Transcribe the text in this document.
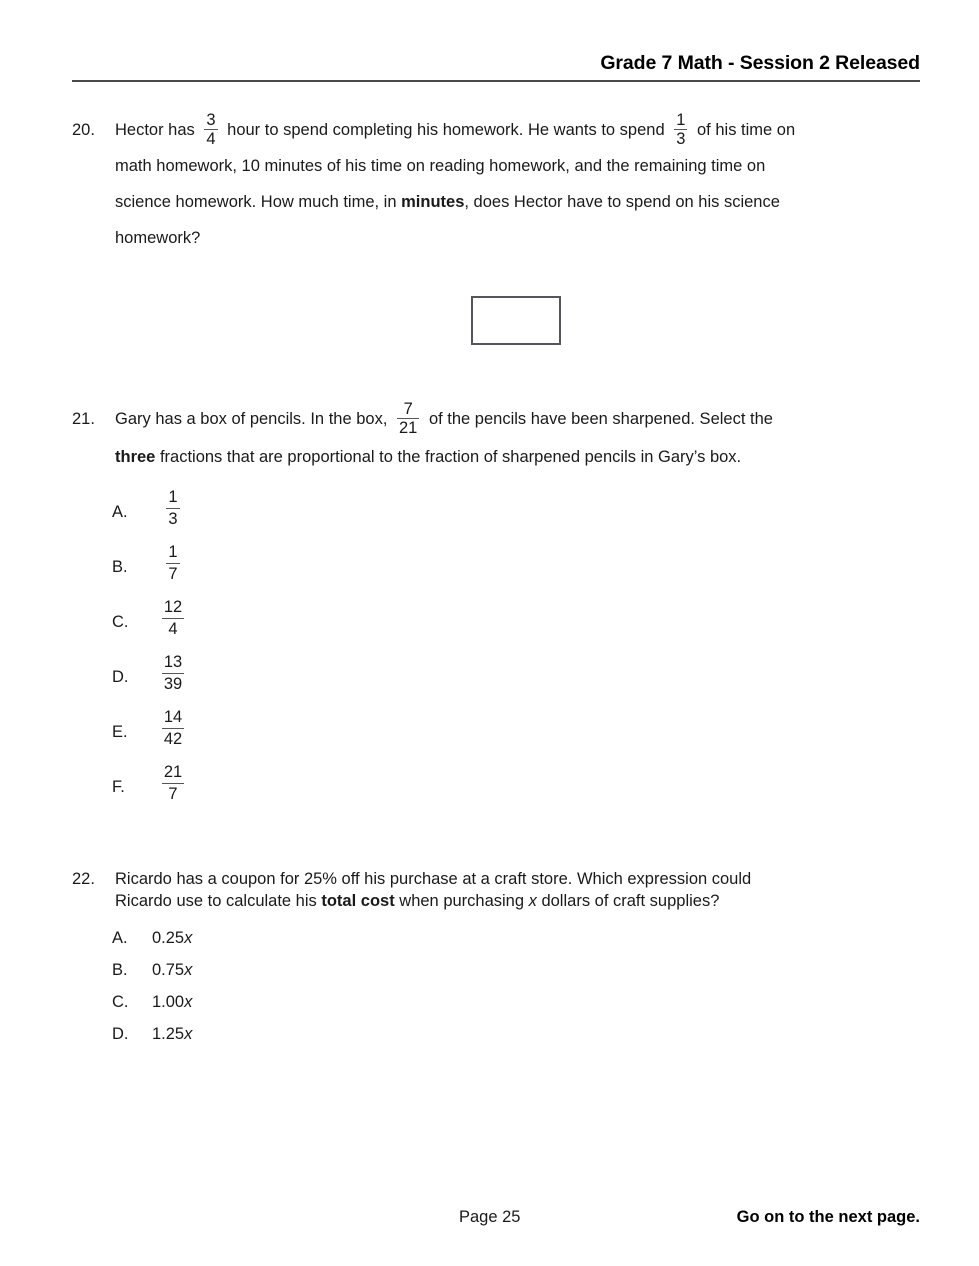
Grade 7 Math - Session 2 Released
20.	Hector has $\frac{3}{4}$ hour to spend completing his homework. He wants to spend $\frac{1}{3}$ of his time on
math homework, 10 minutes of his time on reading homework, and the remaining time on
science homework. How much time, in minutes, does Hector have to spend on his science
homework?
21.	Gary has a box of pencils. In the box, $\frac{7}{21}$ of the pencils have been sharpened. Select the
three fractions that are proportional to the fraction of sharpened pencils in Gary’s box.
A. $\frac{1}{3}$
B. $\frac{1}{7}$
C. $\frac{12}{4}$
D. $\frac{13}{39}$
E. $\frac{14}{42}$
F. $\frac{21}{7}$
22.	Ricardo has a coupon for 25% off his purchase at a craft store. Which expression could
Ricardo use to calculate his total cost when purchasing x dollars of craft supplies?
A. 0.25x
B. 0.75x
C. 1.00x
D. 1.25x
Page 25	Go on to the next page.
